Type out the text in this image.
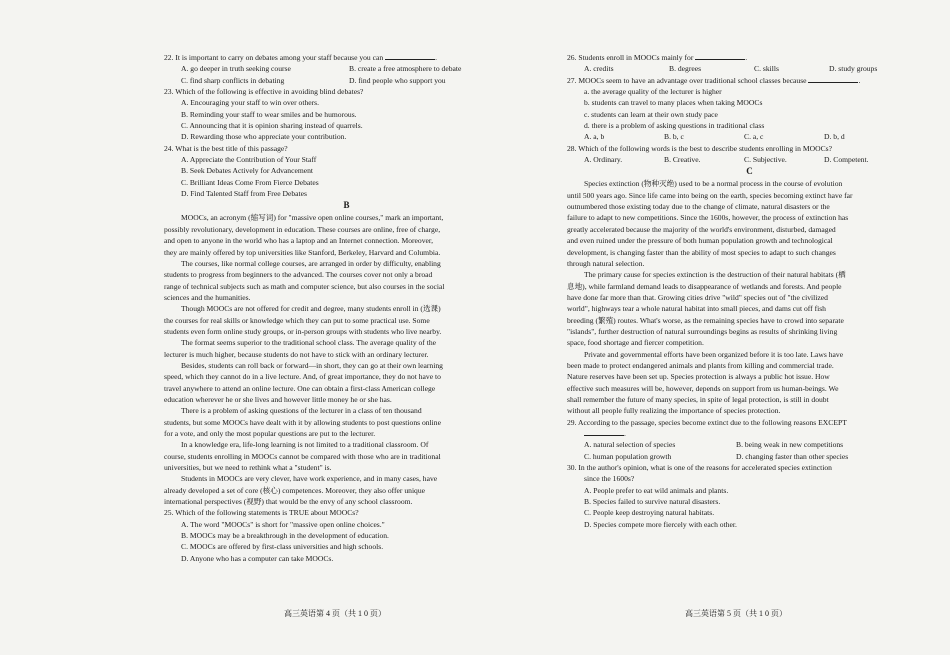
22. It is important to carry on debates among your staff because you can	.
A. go deeper in truth seeking course	B. create a free atmosphere to debate
C. find sharp conflicts in debating	D. find people who support you
23. Which of the following is effective in avoiding blind debates?
A. Encouraging your staff to win over others.
B. Reminding your staff to wear smiles and be humorous.
C. Announcing that it is opinion sharing instead of quarrels.
D. Rewarding those who appreciate your contribution.
24. What is the best title of this passage?
A. Appreciate the Contribution of Your Staff
B. Seek Debates Actively for Advancement
C. Brilliant Ideas Come From Fierce Debates
D. Find Talented Staff from Free Debates
B
MOOCs, an acronym (缩写词) for "massive open online courses," mark an important,
possibly revolutionary, development in education. These courses are online, free of charge,
and open to anyone in the world who has a laptop and an Internet connection. Moreover,
they are mainly offered by top universities like Stanford, Berkeley, Harvard and Columbia.
The courses, like normal college courses, are arranged in order by difficulty, enabling
students to progress from beginners to the advanced. The courses cover not only a broad
range of technical subjects such as math and computer science, but also courses in the social
sciences and the humanities.
Though MOOCs are not offered for credit and degree, many students enroll in (选课)
the courses for real skills or knowledge which they can put to some practical use. Some
students even form online study groups, or in-person groups with students who live nearby.
The format seems superior to the traditional school class. The average quality of the
lecturer is much higher, because students do not have to stick with an ordinary lecturer.
Besides, students can roll back or forward—in short, they can go at their own learning
speed, which they cannot do in a live lecture. And, of great importance, they do not have to
travel anywhere to attend an online lecture. One can obtain a first-class American college
education wherever he or she lives and however little money he or she has.
There is a problem of asking questions of the lecturer in a class of ten thousand
students, but some MOOCs have dealt with it by allowing students to post questions online
for a vote, and only the most popular questions are put to the lecturer.
In a knowledge era, life-long learning is not limited to a traditional classroom. Of
course, students enrolling in MOOCs cannot be compared with those who are in traditional
universities, but we need to rethink what a "student" is.
Students in MOOCs are very clever, have work experience, and in many cases, have
already developed a set of core (核心) competences. Moreover, they also offer unique
international perspectives (视野) that would be the envy of any school classroom.
25. Which of the following statements is TRUE about MOOCs?
A. The word "MOOCs" is short for "massive open online choices."
B. MOOCs may be a breakthrough in the development of education.
C. MOOCs are offered by first-class universities and high schools.
D. Anyone who has a computer can take MOOCs.
高三英语第 4 页（共 1 0 页）
26. Students enroll in MOOCs mainly for	.
A. credits	B. degrees	C. skills	D. study groups
27. MOOCs seem to have an advantage over traditional school classes because	.
a. the average quality of the lecturer is higher
b. students can travel to many places when taking MOOCs
c. students can learn at their own study pace
d. there is a problem of asking questions in traditional class
A. a, b	B. b, c	C. a, c	D. b, d
28. Which of the following words is the best to describe students enrolling in MOOCs?
A. Ordinary.	B. Creative.	C. Subjective.	D. Competent.
C
Species extinction (物种灭绝) used to be a normal process in the course of evolution
until 500 years ago. Since life came into being on the earth, species becoming extinct have far
outnumbered those existing today due to the change of climate, natural disasters or the
failure to adapt to new competitions. Since the 1600s, however, the process of extinction has
greatly accelerated because the majority of the world's environment, disturbed, damaged
and even ruined under the pressure of both human population growth and technological
development, is changing faster than the ability of most species to adapt to such changes
through natural selection.
The primary cause for species extinction is the destruction of their natural habitats (栖
息地), while farmland demand leads to disappearance of wetlands and forests. And people
have done far more than that. Growing cities drive "wild" species out of "the civilized
world", highways tear a whole natural habitat into small pieces, and dams cut off fish
breeding (繁殖) routes. What's worse, as the remaining species have to crowd into separate
"islands", further destruction of natural surroundings begins as results of shrinking living
space, food shortage and fiercer competition.
Private and governmental efforts have been organized before it is too late. Laws have
been made to protect endangered animals and plants from killing and commercial trade.
Nature reserves have been set up. Species protection is always a public hot issue. How
effective such measures will be, however, depends on support from us human-beings. We
shall remember the future of many species, in spite of legal protection, is still in doubt
without all people fully realizing the importance of species protection.
29. According to the passage, species become extinct due to the following reasons EXCEPT
.
A. natural selection of species	B. being weak in new competitions
C. human population growth	D. changing faster than other species
30. In the author's opinion, what is one of the reasons for accelerated species extinction
since the 1600s?
A. People prefer to eat wild animals and plants.
B. Species failed to survive natural disasters.
C. People keep destroying natural habitats.
D. Species compete more fiercely with each other.
高三英语第 5 页（共 1 0 页）
